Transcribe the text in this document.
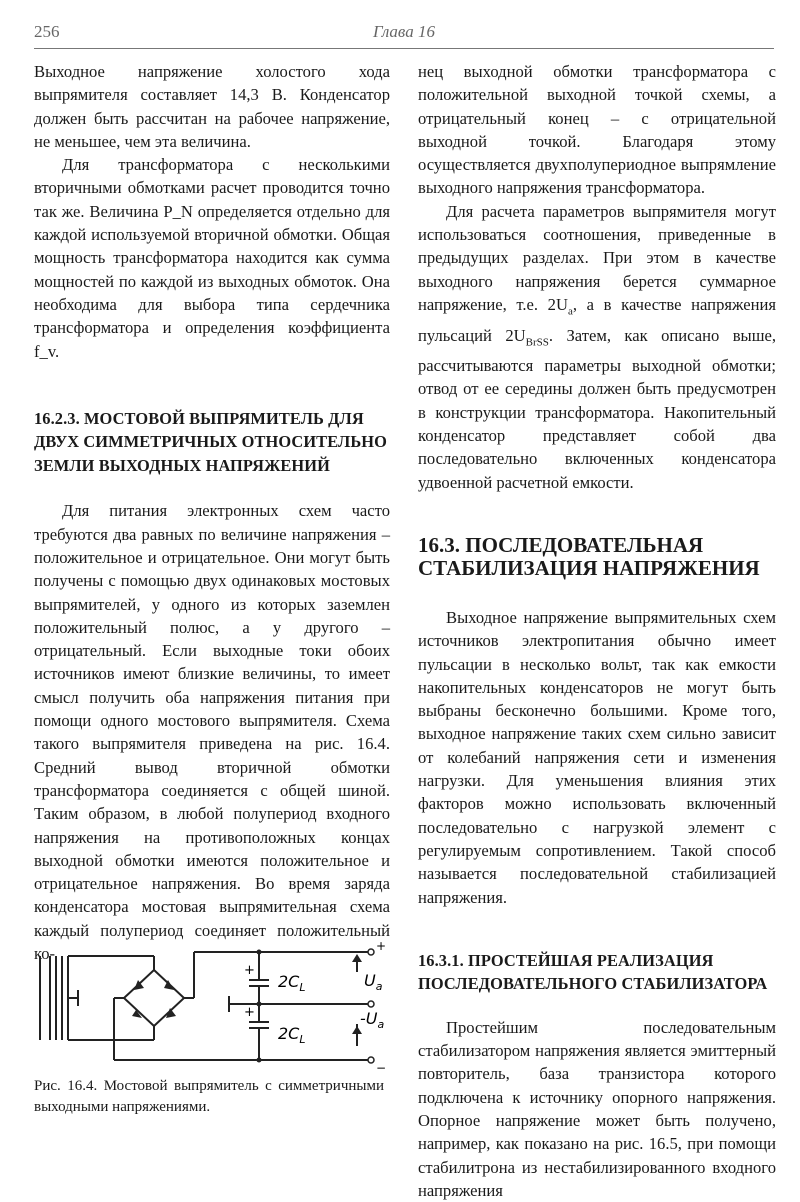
256	Глава 16

Выходное напряжение холостого хода выпрямителя составляет 14,3 В. Конденсатор должен быть рассчитан на рабочее напряжение, не меньшее, чем эта величина.

Для трансформатора с несколькими вторичными обмотками расчет проводится точно так же. Величина P_N определяется отдельно для каждой используемой вторичной обмотки. Общая мощность трансформатора находится как сумма мощностей по каждой из выходных обмоток. Она необходима для выбора типа сердечника трансформатора и определения коэффициента f_v.

16.2.3. МОСТОВОЙ ВЫПРЯМИТЕЛЬ ДЛЯ ДВУХ СИММЕТРИЧНЫХ ОТНОСИТЕЛЬНО ЗЕМЛИ ВЫХОДНЫХ НАПРЯЖЕНИЙ

Для питания электронных схем часто требуются два равных по величине напряжения – положительное и отрицательное. Они могут быть получены с помощью двух одинаковых мостовых выпрямителей, у одного из которых заземлен положительный полюс, а у другого – отрицательный. Если выходные токи обоих источников имеют близкие величины, то имеет смысл получить оба напряжения питания при помощи одного мостового выпрямителя. Схема такого выпрямителя приведена на рис. 16.4. Средний вывод вторичной обмотки трансформатора соединяется с общей шиной. Таким образом, в любой полупериод входного напряжения на противоположных концах выходной обмотки имеются положительное и отрицательное напряжения. Во время заряда конденсатора мостовая выпрямительная схема каждый полупериод соединяет положительный ко-

+
+
$2C_L$
$2C_L$
+
−
$U_a$
$-U_a$
Рис. 16.4. Мостовой выпрямитель с симметричными выходными напряжениями.

нец выходной обмотки трансформатора с положительной выходной точкой схемы, а отрицательный конец – с отрицательной выходной точкой. Благодаря этому осуществляется двухполупериодное выпрямление выходного напряжения трансформатора.

Для расчета параметров выпрямителя могут использоваться соотношения, приведенные в предыдущих разделах. При этом в качестве выходного напряжения берется суммарное напряжение, т.е. $2U_a$, а в качестве напряжения пульсаций $2U_{BrSS}$. Затем, как описано выше, рассчитываются параметры выходной обмотки; отвод от ее середины должен быть предусмотрен в конструкции трансформатора. Накопительный конденсатор представляет собой два последовательно включенных конденсатора удвоенной расчетной емкости.

16.3. ПОСЛЕДОВАТЕЛЬНАЯ СТАБИЛИЗАЦИЯ НАПРЯЖЕНИЯ

Выходное напряжение выпрямительных схем источников электропитания обычно имеет пульсации в несколько вольт, так как емкости накопительных конденсаторов не могут быть выбраны бесконечно большими. Кроме того, выходное напряжение таких схем сильно зависит от колебаний напряжения сети и изменения нагрузки. Для уменьшения влияния этих факторов можно использовать включенный последовательно с нагрузкой элемент с регулируемым сопротивлением. Такой способ называется последовательной стабилизацией напряжения.

16.3.1. ПРОСТЕЙШАЯ РЕАЛИЗАЦИЯ ПОСЛЕДОВАТЕЛЬНОГО СТАБИЛИЗАТОРА

Простейшим последовательным стабилизатором напряжения является эмиттерный повторитель, база транзистора которого подключена к источнику опорного напряжения. Опорное напряжение может быть получено, например, как показано на рис. 16.5, при помощи стабилитрона из нестабилизированного входного напряжения
